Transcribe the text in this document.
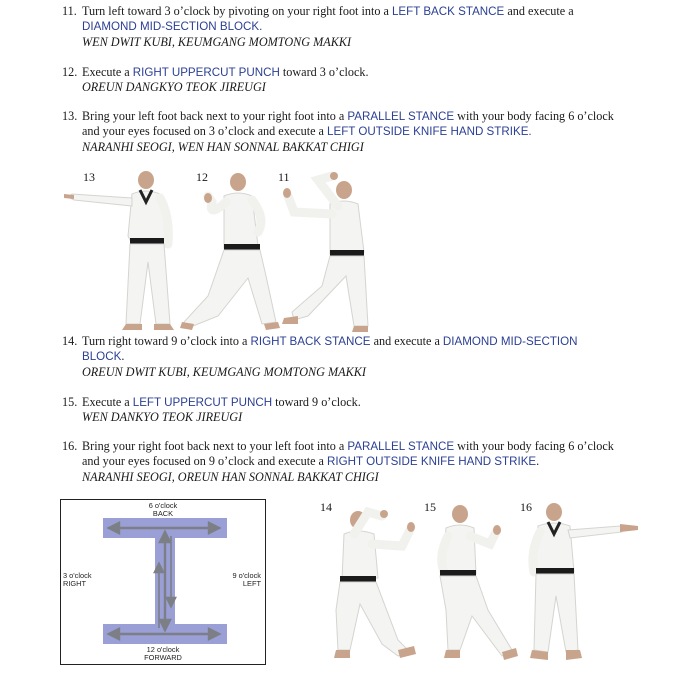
11. Turn left toward 3 o’clock by pivoting on your right foot into a LEFT BACK STANCE and execute a DIAMOND MID-SECTION BLOCK.
WEN DWIT KUBI, KEUMGANG MOMTONG MAKKI
12. Execute a RIGHT UPPERCUT PUNCH toward 3 o’clock.
OREUN DANGKYO TEOK JIREUGI
13. Bring your left foot back next to your right foot into a PARALLEL STANCE with your body facing 6 o’clock and your eyes focused on 3 o’clock and execute a LEFT OUTSIDE KNIFE HAND STRIKE.
NARANHI SEOGI, WEN HAN SONNAL BAKKAT CHIGI
13	12	11
14. Turn right toward 9 o’clock into a RIGHT BACK STANCE and execute a DIAMOND MID-SECTION BLOCK.
OREUN DWIT KUBI, KEUMGANG MOMTONG MAKKI
15. Execute a LEFT UPPERCUT PUNCH toward 9 o’clock.
WEN DANKYO TEOK JIREUGI
16. Bring your right foot back next to your left foot into a PARALLEL STANCE with your body facing 6 o’clock and your eyes focused on 9 o’clock and execute a RIGHT OUTSIDE KNIFE HAND STRIKE.
NARANHI SEOGI, OREUN HAN SONNAL BAKKAT CHIGI
6 o'clock
BACK
3 o'clock
RIGHT
9 o'clock
LEFT
12 o'clock
FORWARD
14	15	16
